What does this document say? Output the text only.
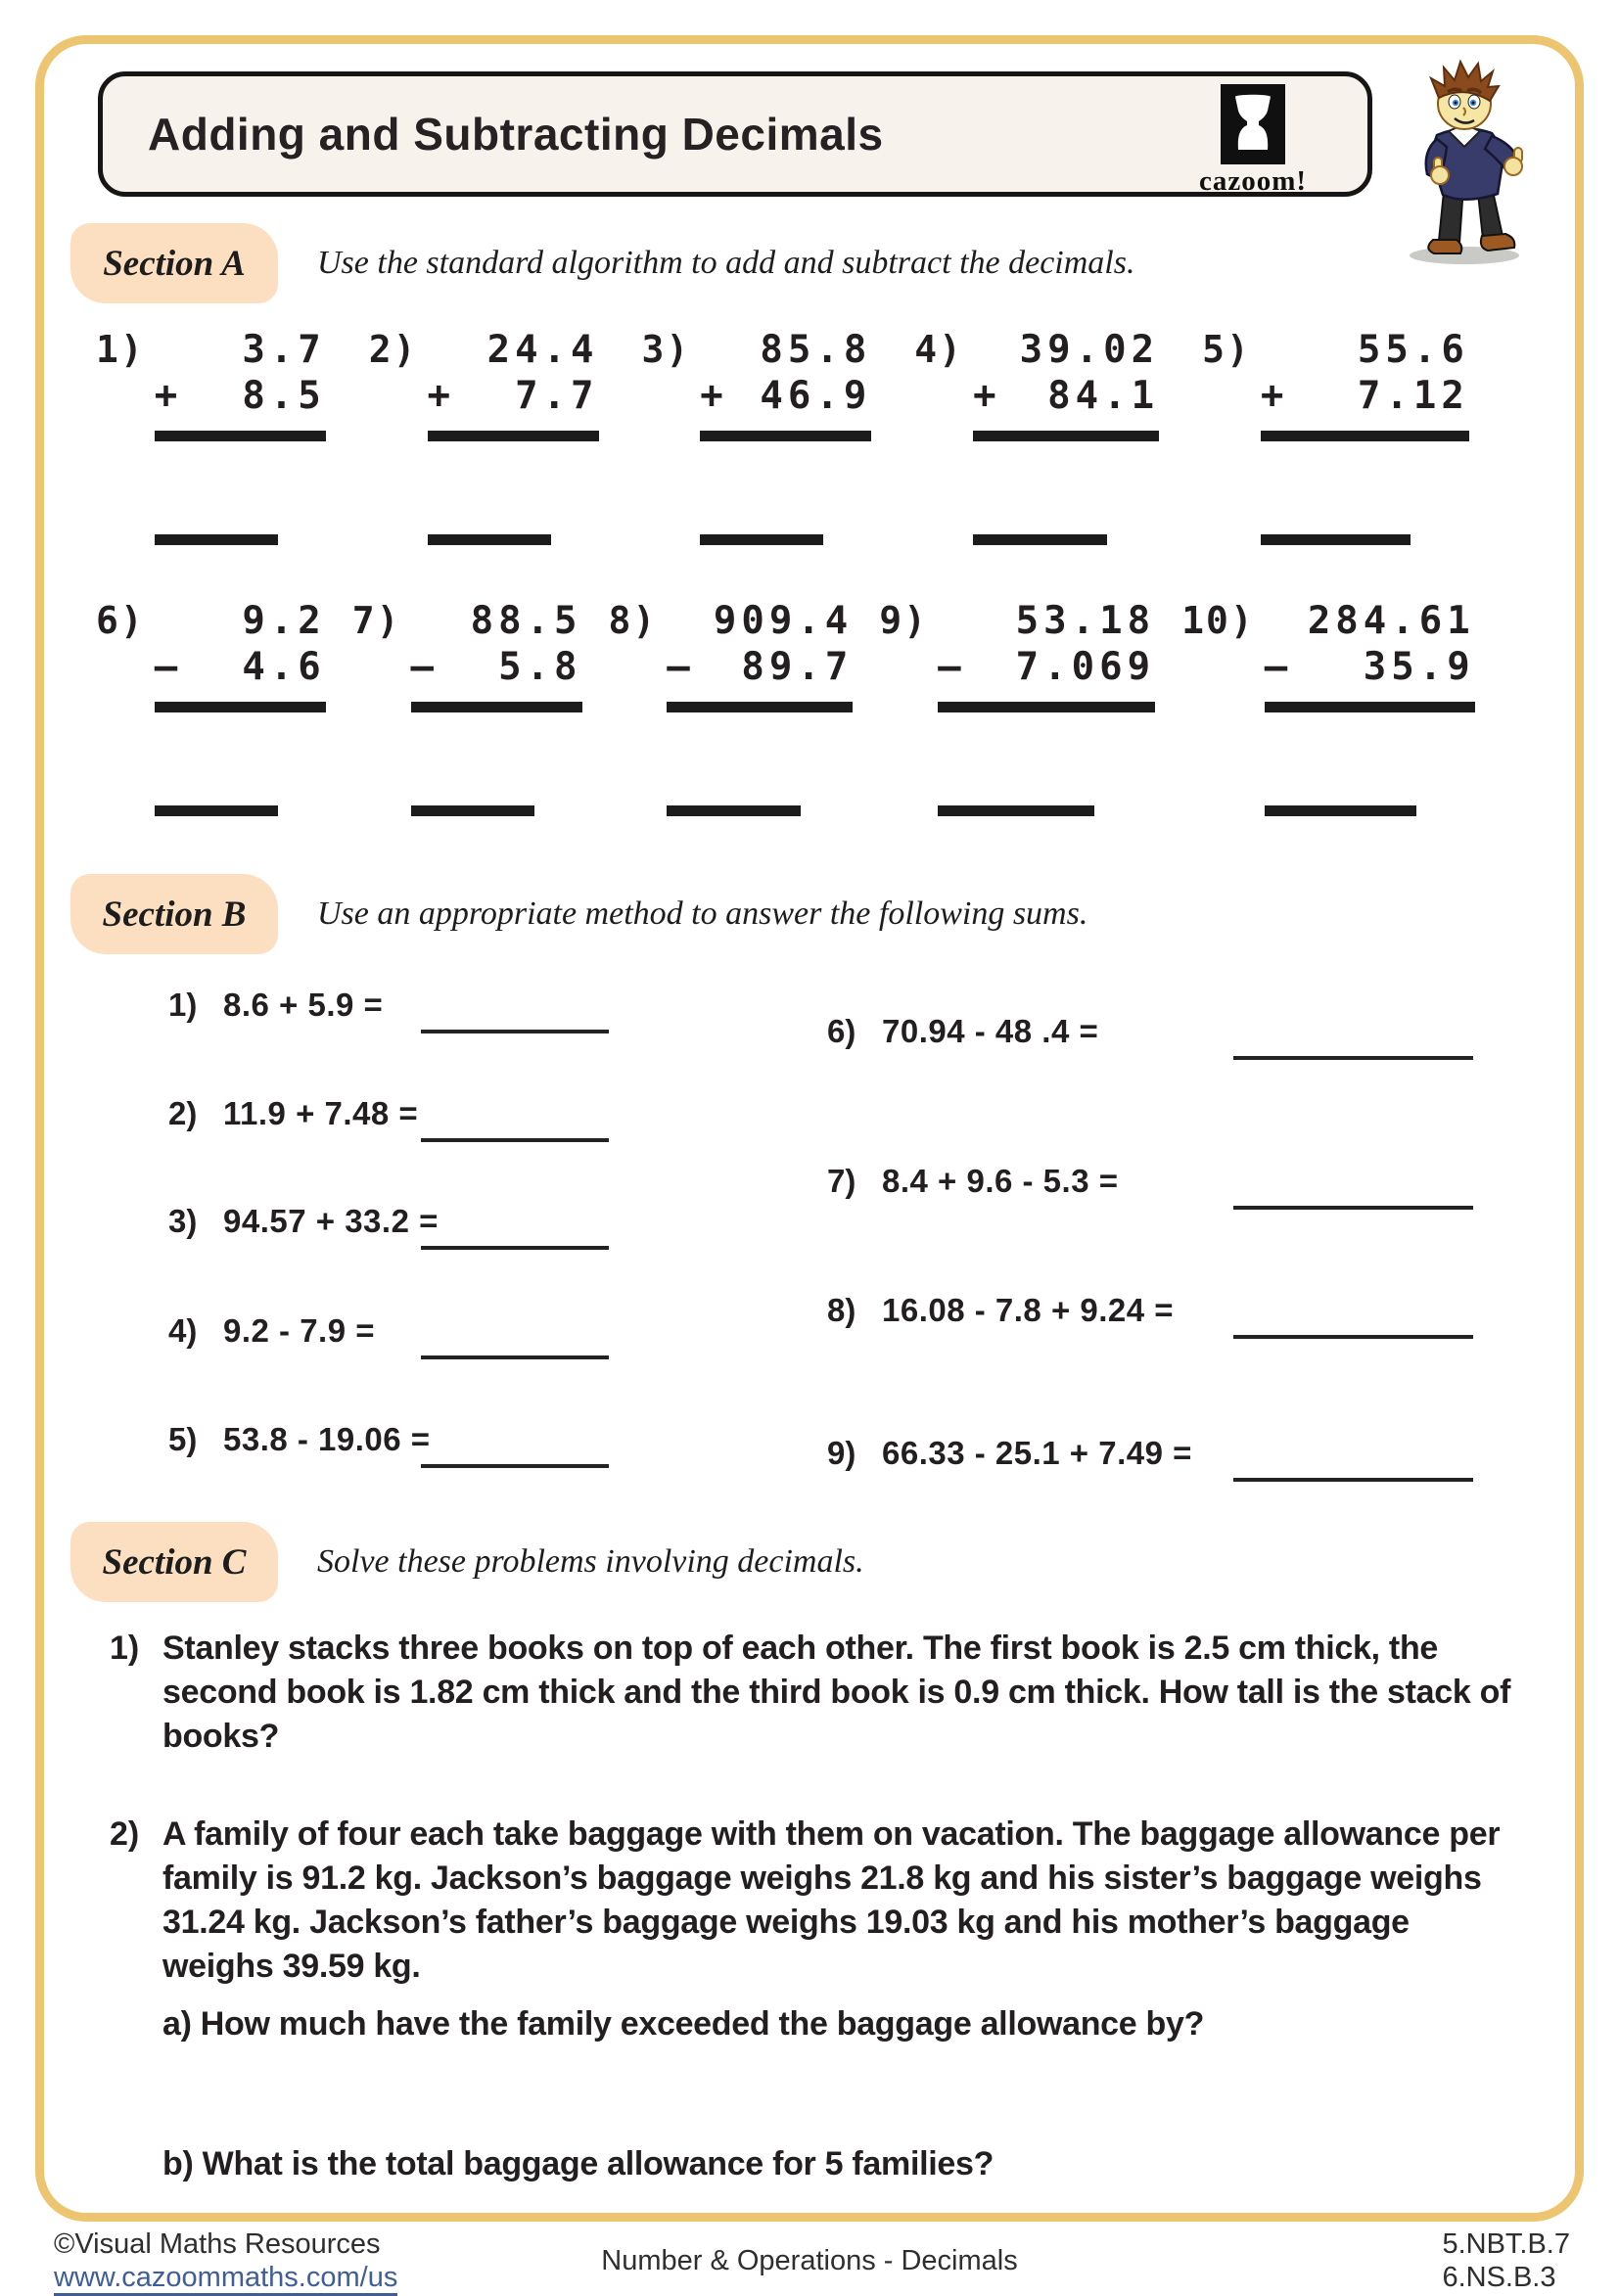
Adding and Subtracting Decimals
cazoom!
Section A	Use the standard algorithm to add and subtract the decimals.
1)	3.7
+ 8.5
2)	24.4
+ 7.7
3)	85.8
+ 46.9
4)	39.02
+ 84.1
5)	55.6
+ 7.12
6)	9.2
– 4.6
7)	88.5
– 5.8
8)	909.4
– 89.7
9)	53.18
– 7.069
10)	284.61
– 35.9
Section B	Use an appropriate method to answer the following sums.
1) 8.6 + 5.9 =
2) 11.9 + 7.48 =
3) 94.57 + 33.2 =
4) 9.2 - 7.9 =
5) 53.8 - 19.06 =
6) 70.94 - 48 .4 =
7) 8.4 + 9.6 - 5.3 =
8) 16.08 - 7.8 + 9.24 =
9) 66.33 - 25.1 + 7.49 =
Section C	Solve these problems involving decimals.
1) Stanley stacks three books on top of each other. The first book is 2.5 cm thick, the second book is 1.82 cm thick and the third book is 0.9 cm thick. How tall is the stack of books?
2) A family of four each take baggage with them on vacation. The baggage allowance per family is 91.2 kg. Jackson’s baggage weighs 21.8 kg and his sister’s baggage weighs 31.24 kg. Jackson’s father’s baggage weighs 19.03 kg and his mother’s baggage weighs 39.59 kg.
a) How much have the family exceeded the baggage allowance by?
b) What is the total baggage allowance for 5 families?
©Visual Maths Resources
www.cazoommaths.com/us
Number & Operations - Decimals
5.NBT.B.7
6.NS.B.3
